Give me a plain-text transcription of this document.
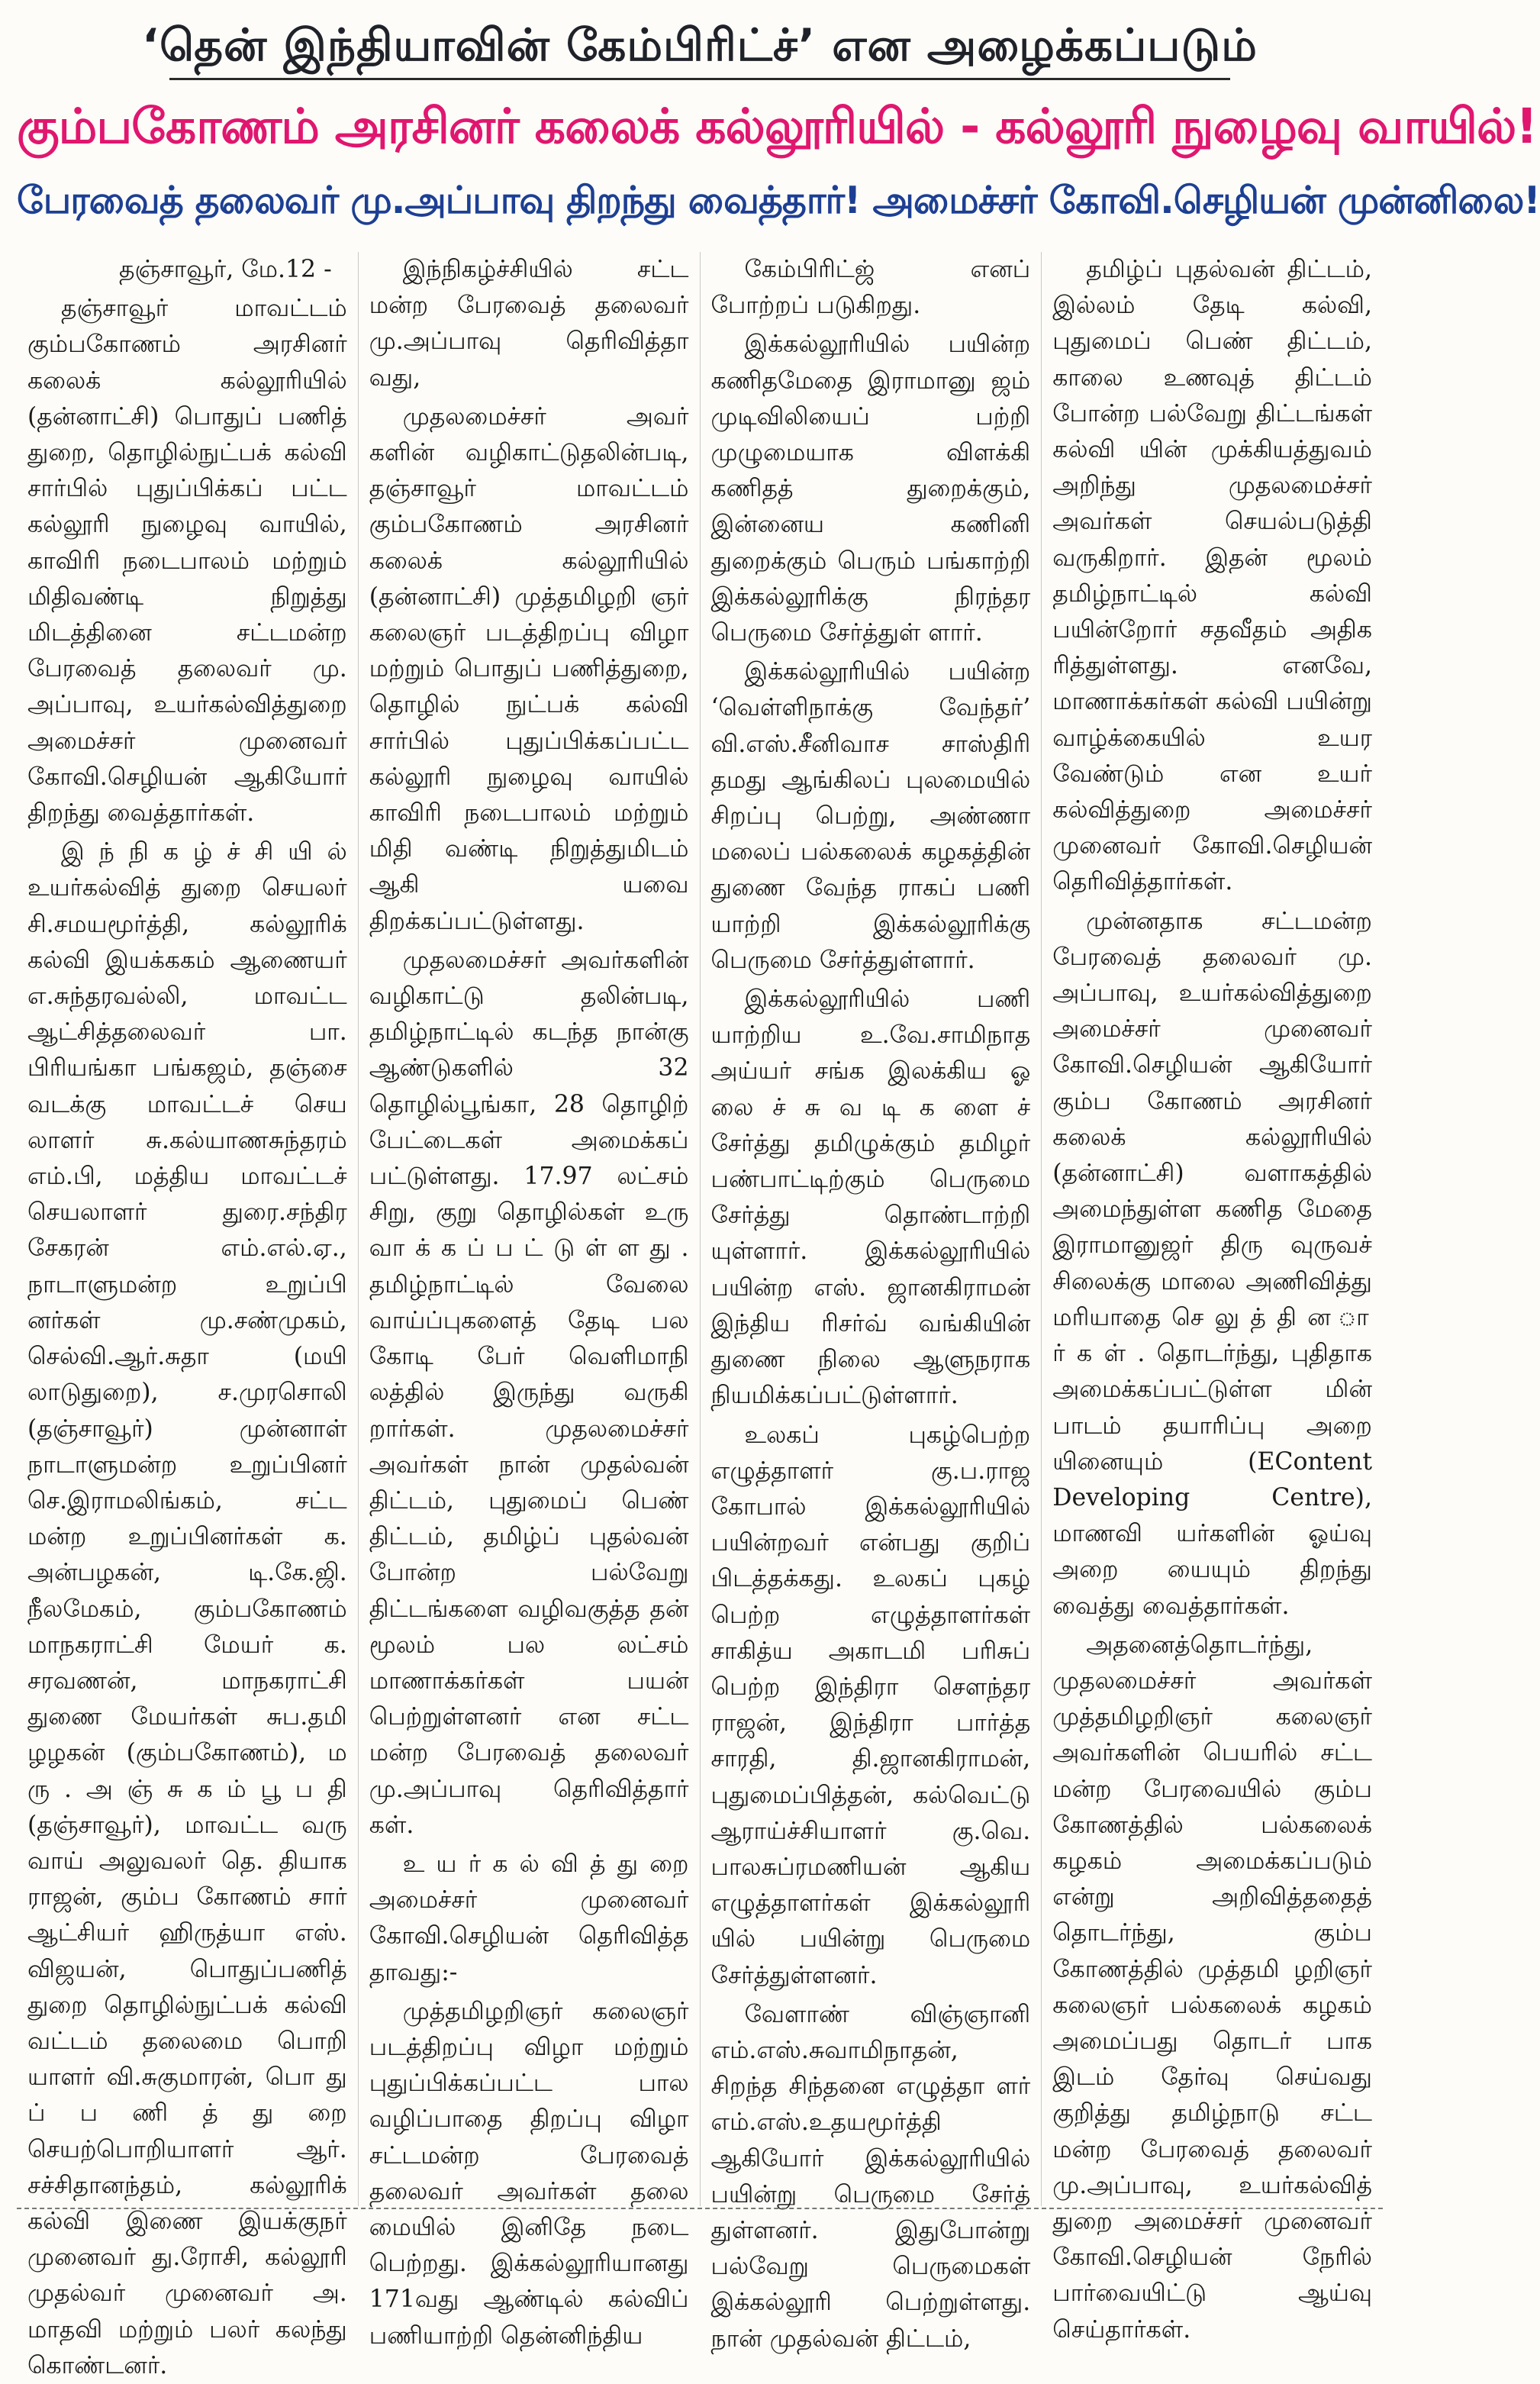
‘தென் இந்தியாவின் கேம்பிரிட்ச்’ என அழைக்கப்படும்
கும்பகோணம் அரசினர் கலைக் கல்லூரியில் - கல்லூரி நுழைவு வாயில்!
பேரவைத் தலைவர் மு.அப்பாவு திறந்து வைத்தார்! அமைச்சர் கோவி.செழியன் முன்னிலை!

தஞ்சாவூர், மே.12 -

தஞ்சாவூர் மாவட்டம் கும்பகோணம் அரசினர் கலைக் கல்லூரியில் (தன்னாட்சி) பொதுப் பணித் துறை, தொழில்நுட்பக் கல்வி சார்பில் புதுப்பிக்கப் பட்ட கல்லூரி நுழைவு வாயில், காவிரி நடைபாலம் மற்றும் மிதிவண்டி நிறுத்து மிடத்தினை சட்டமன்ற பேரவைத் தலைவர் மு. அப்பாவு, உயர்கல்வித்துறை அமைச்சர் முனைவர் கோவி.செழியன் ஆகியோர் திறந்து வைத்தார்கள்.

இ ந் நி க ழ் ச் சி யி ல் உயர்கல்வித் துறை செயலர் சி.சமயமூர்த்தி, கல்லூரிக் கல்வி இயக்ககம் ஆணையர் எ.சுந்தரவல்லி, மாவட்ட ஆட்சித்தலைவர் பா. பிரியங்கா பங்கஜம், தஞ்சை வடக்கு மாவட்டச் செய லாளர் சு.கல்யாணசுந்தரம் எம்.பி, மத்திய மாவட்டச் செயலாளர் துரை.சந்திர சேகரன் எம்.எல்.ஏ., நாடாளுமன்ற உறுப்பி னர்கள் மு.சண்முகம், செல்வி.ஆர்.சுதா (மயி லாடுதுறை), ச.முரசொலி (தஞ்சாவூர்) முன்னாள் நாடாளுமன்ற உறுப்பினர் செ.இராமலிங்கம், சட்ட மன்ற உறுப்பினர்கள் க. அன்பழகன், டி.கே.ஜி. நீலமேகம், கும்பகோணம் மாநகராட்சி மேயர் க. சரவணன், மாநகராட்சி துணை மேயர்கள் சுப.தமி ழழகன் (கும்பகோணம்), ம ரு . அ ஞ் சு க ம் பூ ப தி (தஞ்சாவூர்), மாவட்ட வரு வாய் அலுவலர் தெ. தியாக ராஜன், கும்ப கோணம் சார் ஆட்சியர் ஹிருத்யா எஸ். விஜயன், பொதுப்பணித் துறை தொழில்நுட்பக் கல்வி வட்டம் தலைமை பொறி யாளர் வி.சுகுமாரன், பொ து ப் ப ணி த் து றை செயற்பொறியாளர் ஆர். சச்சிதானந்தம், கல்லூரிக் கல்வி இணை இயக்குநர் முனைவர் து.ரோசி, கல்லூரி முதல்வர் முனைவர் அ. மாதவி மற்றும் பலர் கலந்து கொண்டனர்.

இந்நிகழ்ச்சியில் சட்ட மன்ற பேரவைத் தலைவர் மு.அப்பாவு தெரிவித்தா வது,

முதலமைச்சர் அவர் களின் வழிகாட்டுதலின்படி, தஞ்சாவூர் மாவட்டம் கும்பகோணம் அரசினர் கலைக் கல்லூரியில் (தன்னாட்சி) முத்தமிழறி ஞர் கலைஞர் படத்திறப்பு விழா மற்றும் பொதுப் பணித்துறை, தொழில் நுட்பக் கல்வி சார்பில் புதுப்பிக்கப்பட்ட கல்லூரி நுழைவு வாயில் காவிரி நடைபாலம் மற்றும் மிதி வண்டி நிறுத்துமிடம் ஆகி யவை திறக்கப்பட்டுள்ளது.

முதலமைச்சர் அவர்களின் வழிகாட்டு தலின்படி, தமிழ்நாட்டில் கடந்த நான்கு ஆண்டுகளில் 32 தொழில்பூங்கா, 28 தொழிற் பேட்டைகள் அமைக்கப் பட்டுள்ளது. 17.97 லட்சம் சிறு, குறு தொழில்கள் உரு வா க் க ப் ப ட் டு ள் ள து . தமிழ்நாட்டில் வேலை வாய்ப்புகளைத் தேடி பல கோடி பேர் வெளிமாநி லத்தில் இருந்து வருகி றார்கள். முதலமைச்சர் அவர்கள் நான் முதல்வன் திட்டம், புதுமைப் பெண் திட்டம், தமிழ்ப் புதல்வன் போன்ற பல்வேறு திட்டங்களை வழிவகுத்த தன் மூலம் பல லட்சம் மாணாக்கர்கள் பயன் பெற்றுள்ளனர் என சட்ட மன்ற பேரவைத் தலைவர் மு.அப்பாவு தெரிவித்தார் கள்.

உ ய ர் க ல் வி த் து றை அமைச்சர் முனைவர் கோவி.செழியன் தெரிவித்த தாவது:-

முத்தமிழறிஞர் கலைஞர் படத்திறப்பு விழா மற்றும் புதுப்பிக்கப்பட்ட பால வழிப்பாதை திறப்பு விழா சட்டமன்ற பேரவைத் தலைவர் அவர்கள் தலை மையில் இனிதே நடை பெற்றது. இக்கல்லூரியானது 171வது ஆண்டில் கல்விப் பணியாற்றி தென்னிந்திய

கேம்பிரிட்ஜ் எனப் போற்றப் படுகிறது.

இக்கல்லூரியில் பயின்ற கணிதமேதை இராமானு ஜம் முடிவிலியைப் பற்றி முழுமையாக விளக்கி கணிதத் துறைக்கும், இன்னைய கணினி துறைக்கும் பெரும் பங்காற்றி இக்கல்லூரிக்கு நிரந்தர பெருமை சேர்த்துள் ளார்.

இக்கல்லூரியில் பயின்ற ‘வெள்ளிநாக்கு வேந்தர்’ வி.எஸ்.சீனிவாச சாஸ்திரி தமது ஆங்கிலப் புலமையில் சிறப்பு பெற்று, அண்ணா மலைப் பல்கலைக் கழகத்தின் துணை வேந்த ராகப் பணி யாற்றி இக்கல்லூரிக்கு பெருமை சேர்த்துள்ளார்.

இக்கல்லூரியில் பணி யாற்றிய உ.வே.சாமிநாத அய்யர் சங்க இலக்கிய ஓ லை ச் சு வ டி க ளை ச் சேர்த்து தமிழுக்கும் தமிழர் பண்பாட்டிற்கும் பெருமை சேர்த்து தொண்டாற்றி யுள்ளார். இக்கல்லூரியில் பயின்ற எஸ். ஜானகிராமன் இந்திய ரிசர்வ் வங்கியின் துணை நிலை ஆளுநராக நியமிக்கப்பட்டுள்ளார்.

உலகப் புகழ்பெற்ற எழுத்தாளர் கு.ப.ராஜ கோபால் இக்கல்லூரியில் பயின்றவர் என்பது குறிப் பிடத்தக்கது. உலகப் புகழ் பெற்ற எழுத்தாளர்கள் சாகித்ய அகாடமி பரிசுப் பெற்ற இந்திரா சௌந்தர ராஜன், இந்திரா பார்த்த சாரதி, தி.ஜானகிராமன், புதுமைப்பித்தன், கல்வெட்டு ஆராய்ச்சியாளர் கு.வெ. பாலசுப்ரமணியன் ஆகிய எழுத்தாளர்கள் இக்கல்லூரி யில் பயின்று பெருமை சேர்த்துள்ளனர்.

வேளாண் விஞ்ஞானி எம்.எஸ்.சுவாமிநாதன், சிறந்த சிந்தனை எழுத்தா ளர் எம்.எஸ்.உதயமூர்த்தி ஆகியோர் இக்கல்லூரியில் பயின்று பெருமை சேர்த் துள்ளனர். இதுபோன்று பல்வேறு பெருமைகள் இக்கல்லூரி பெற்றுள்ளது. நான் முதல்வன் திட்டம்,

தமிழ்ப் புதல்வன் திட்டம், இல்லம் தேடி கல்வி, புதுமைப் பெண் திட்டம், காலை உணவுத் திட்டம் போன்ற பல்வேறு திட்டங்கள் கல்வி யின் முக்கியத்துவம் அறிந்து முதலமைச்சர் அவர்கள் செயல்படுத்தி வருகிறார். இதன் மூலம் தமிழ்நாட்டில் கல்வி பயின்றோர் சதவீதம் அதிக ரித்துள்ளது. எனவே, மாணாக்கர்கள் கல்வி பயின்று வாழ்க்கையில் உயர வேண்டும் என உயர் கல்வித்துறை அமைச்சர் முனைவர் கோவி.செழியன் தெரிவித்தார்கள்.

முன்னதாக சட்டமன்ற பேரவைத் தலைவர் மு. அப்பாவு, உயர்கல்வித்துறை அமைச்சர் முனைவர் கோவி.செழியன் ஆகியோர் கும்ப கோணம் அரசினர் கலைக் கல்லூரியில் (தன்னாட்சி) வளாகத்தில் அமைந்துள்ள கணித மேதை இராமானுஜர் திரு வுருவச் சிலைக்கு மாலை அணிவித்து மரியாதை செ லு த் தி ன ா ர் க ள் . தொடர்ந்து, புதிதாக அமைக்கப்பட்டுள்ள மின் பாடம் தயாரிப்பு அறை யினையும் (EContent Developing Centre), மாணவி யர்களின் ஓய்வு அறை யையும் திறந்து வைத்து வைத்தார்கள்.

அதனைத்தொடர்ந்து, முதலமைச்சர் அவர்கள் முத்தமிழறிஞர் கலைஞர் அவர்களின் பெயரில் சட்ட மன்ற பேரவையில் கும்ப கோணத்தில் பல்கலைக் கழகம் அமைக்கப்படும் என்று அறிவித்ததைத் தொடர்ந்து, கும்ப கோணத்தில் முத்தமி ழறிஞர் கலைஞர் பல்கலைக் கழகம் அமைப்பது தொடர் பாக இடம் தேர்வு செய்வது குறித்து தமிழ்நாடு சட்ட மன்ற பேரவைத் தலைவர் மு.அப்பாவு, உயர்கல்வித் துறை அமைச்சர் முனைவர் கோவி.செழியன் நேரில் பார்வையிட்டு ஆய்வு செய்தார்கள்.
